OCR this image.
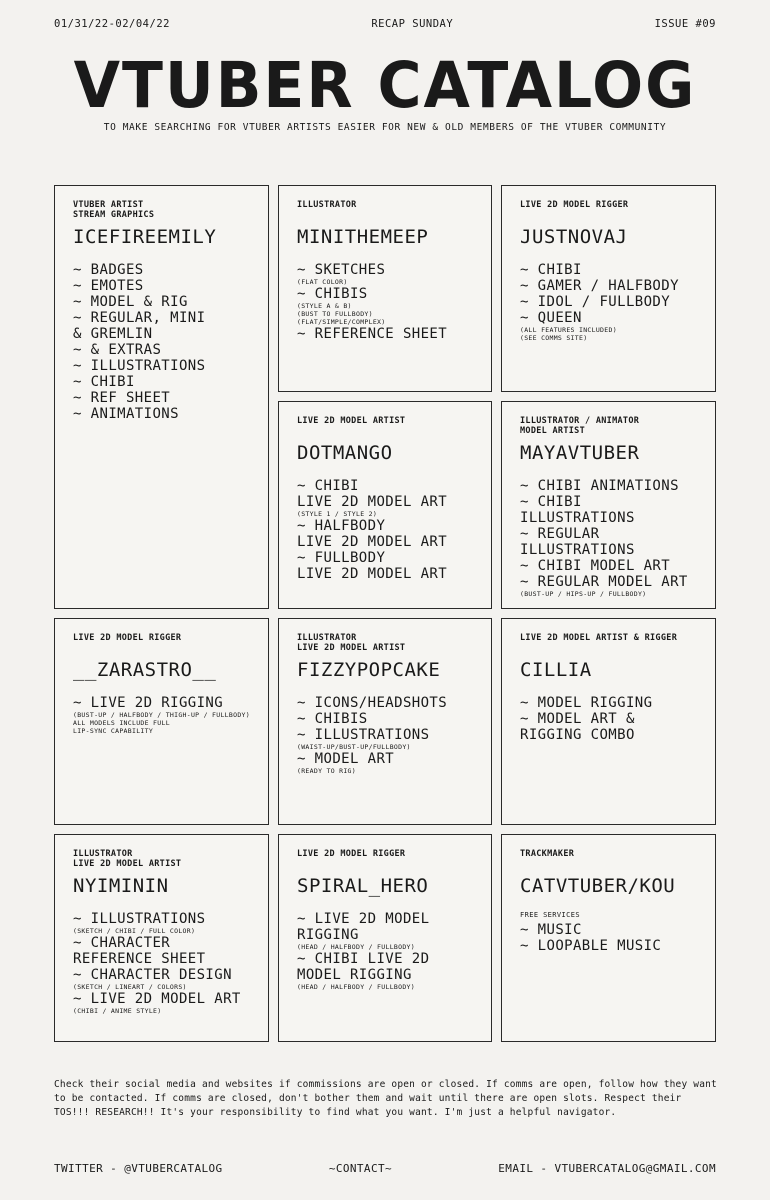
01/31/22-02/04/22	RECAP SUNDAY	ISSUE #09
VTUBER CATALOG
TO MAKE SEARCHING FOR VTUBER ARTISTS EASIER FOR NEW & OLD MEMBERS OF THE VTUBER COMMUNITY
VTUBER ARTIST
STREAM GRAPHICS
ICEFIREEMILY
~ BADGES
~ EMOTES
~ MODEL & RIG
~ REGULAR, MINI
& GREMLIN
~ & EXTRAS
~ ILLUSTRATIONS
~ CHIBI
~ REF SHEET
~ ANIMATIONS
ILLUSTRATOR
MINITHEMEEP
~ SKETCHES
(FLAT COLOR)
~ CHIBIS
(STYLE A & B)
(BUST TO FULLBODY)
(FLAT/SIMPLE/COMPLEX)
~ REFERENCE SHEET
LIVE 2D MODEL RIGGER
JUSTNOVAJ
~ CHIBI
~ GAMER / HALFBODY
~ IDOL / FULLBODY
~ QUEEN
(ALL FEATURES INCLUDED)
(SEE COMMS SITE)
LIVE 2D MODEL ARTIST
DOTMANGO
~ CHIBI
LIVE 2D MODEL ART
(STYLE 1 / STYLE 2)
~ HALFBODY
LIVE 2D MODEL ART
~ FULLBODY
LIVE 2D MODEL ART
ILLUSTRATOR / ANIMATOR
MODEL ARTIST
MAYAVTUBER
~ CHIBI ANIMATIONS
~ CHIBI
ILLUSTRATIONS
~ REGULAR
ILLUSTRATIONS
~ CHIBI MODEL ART
~ REGULAR MODEL ART
(BUST-UP / HIPS-UP / FULLBODY)
LIVE 2D MODEL RIGGER
__ZARASTRO__
~ LIVE 2D RIGGING
(BUST-UP / HALFBODY / THIGH-UP / FULLBODY)
ALL MODELS INCLUDE FULL
LIP-SYNC CAPABILITY
ILLUSTRATOR
LIVE 2D MODEL ARTIST
FIZZYPOPCAKE
~ ICONS/HEADSHOTS
~ CHIBIS
~ ILLUSTRATIONS
(WAIST-UP/BUST-UP/FULLBODY)
~ MODEL ART
(READY TO RIG)
LIVE 2D MODEL ARTIST & RIGGER
CILLIA
~ MODEL RIGGING
~ MODEL ART &
RIGGING COMBO
ILLUSTRATOR
LIVE 2D MODEL ARTIST
NYIMININ
~ ILLUSTRATIONS
(SKETCH / CHIBI / FULL COLOR)
~ CHARACTER
REFERENCE SHEET
~ CHARACTER DESIGN
(SKETCH / LINEART / COLORS)
~ LIVE 2D MODEL ART
(CHIBI / ANIME STYLE)
LIVE 2D MODEL RIGGER
SPIRAL_HERO
~ LIVE 2D MODEL
RIGGING
(HEAD / HALFBODY / FULLBODY)
~ CHIBI LIVE 2D
MODEL RIGGING
(HEAD / HALFBODY / FULLBODY)
TRACKMAKER
CATVTUBER/KOU
FREE SERVICES
~ MUSIC
~ LOOPABLE MUSIC
Check their social media and websites if commissions are open or closed. If comms are open, follow how they want to be contacted. If comms are closed, don't bother them and wait until there are open slots. Respect their TOS!!! RESEARCH!! It's your responsibility to find what you want. I'm just a helpful navigator.
TWITTER - @VTUBERCATALOG	~CONTACT~	EMAIL - VTUBERCATALOG@GMAIL.COM
